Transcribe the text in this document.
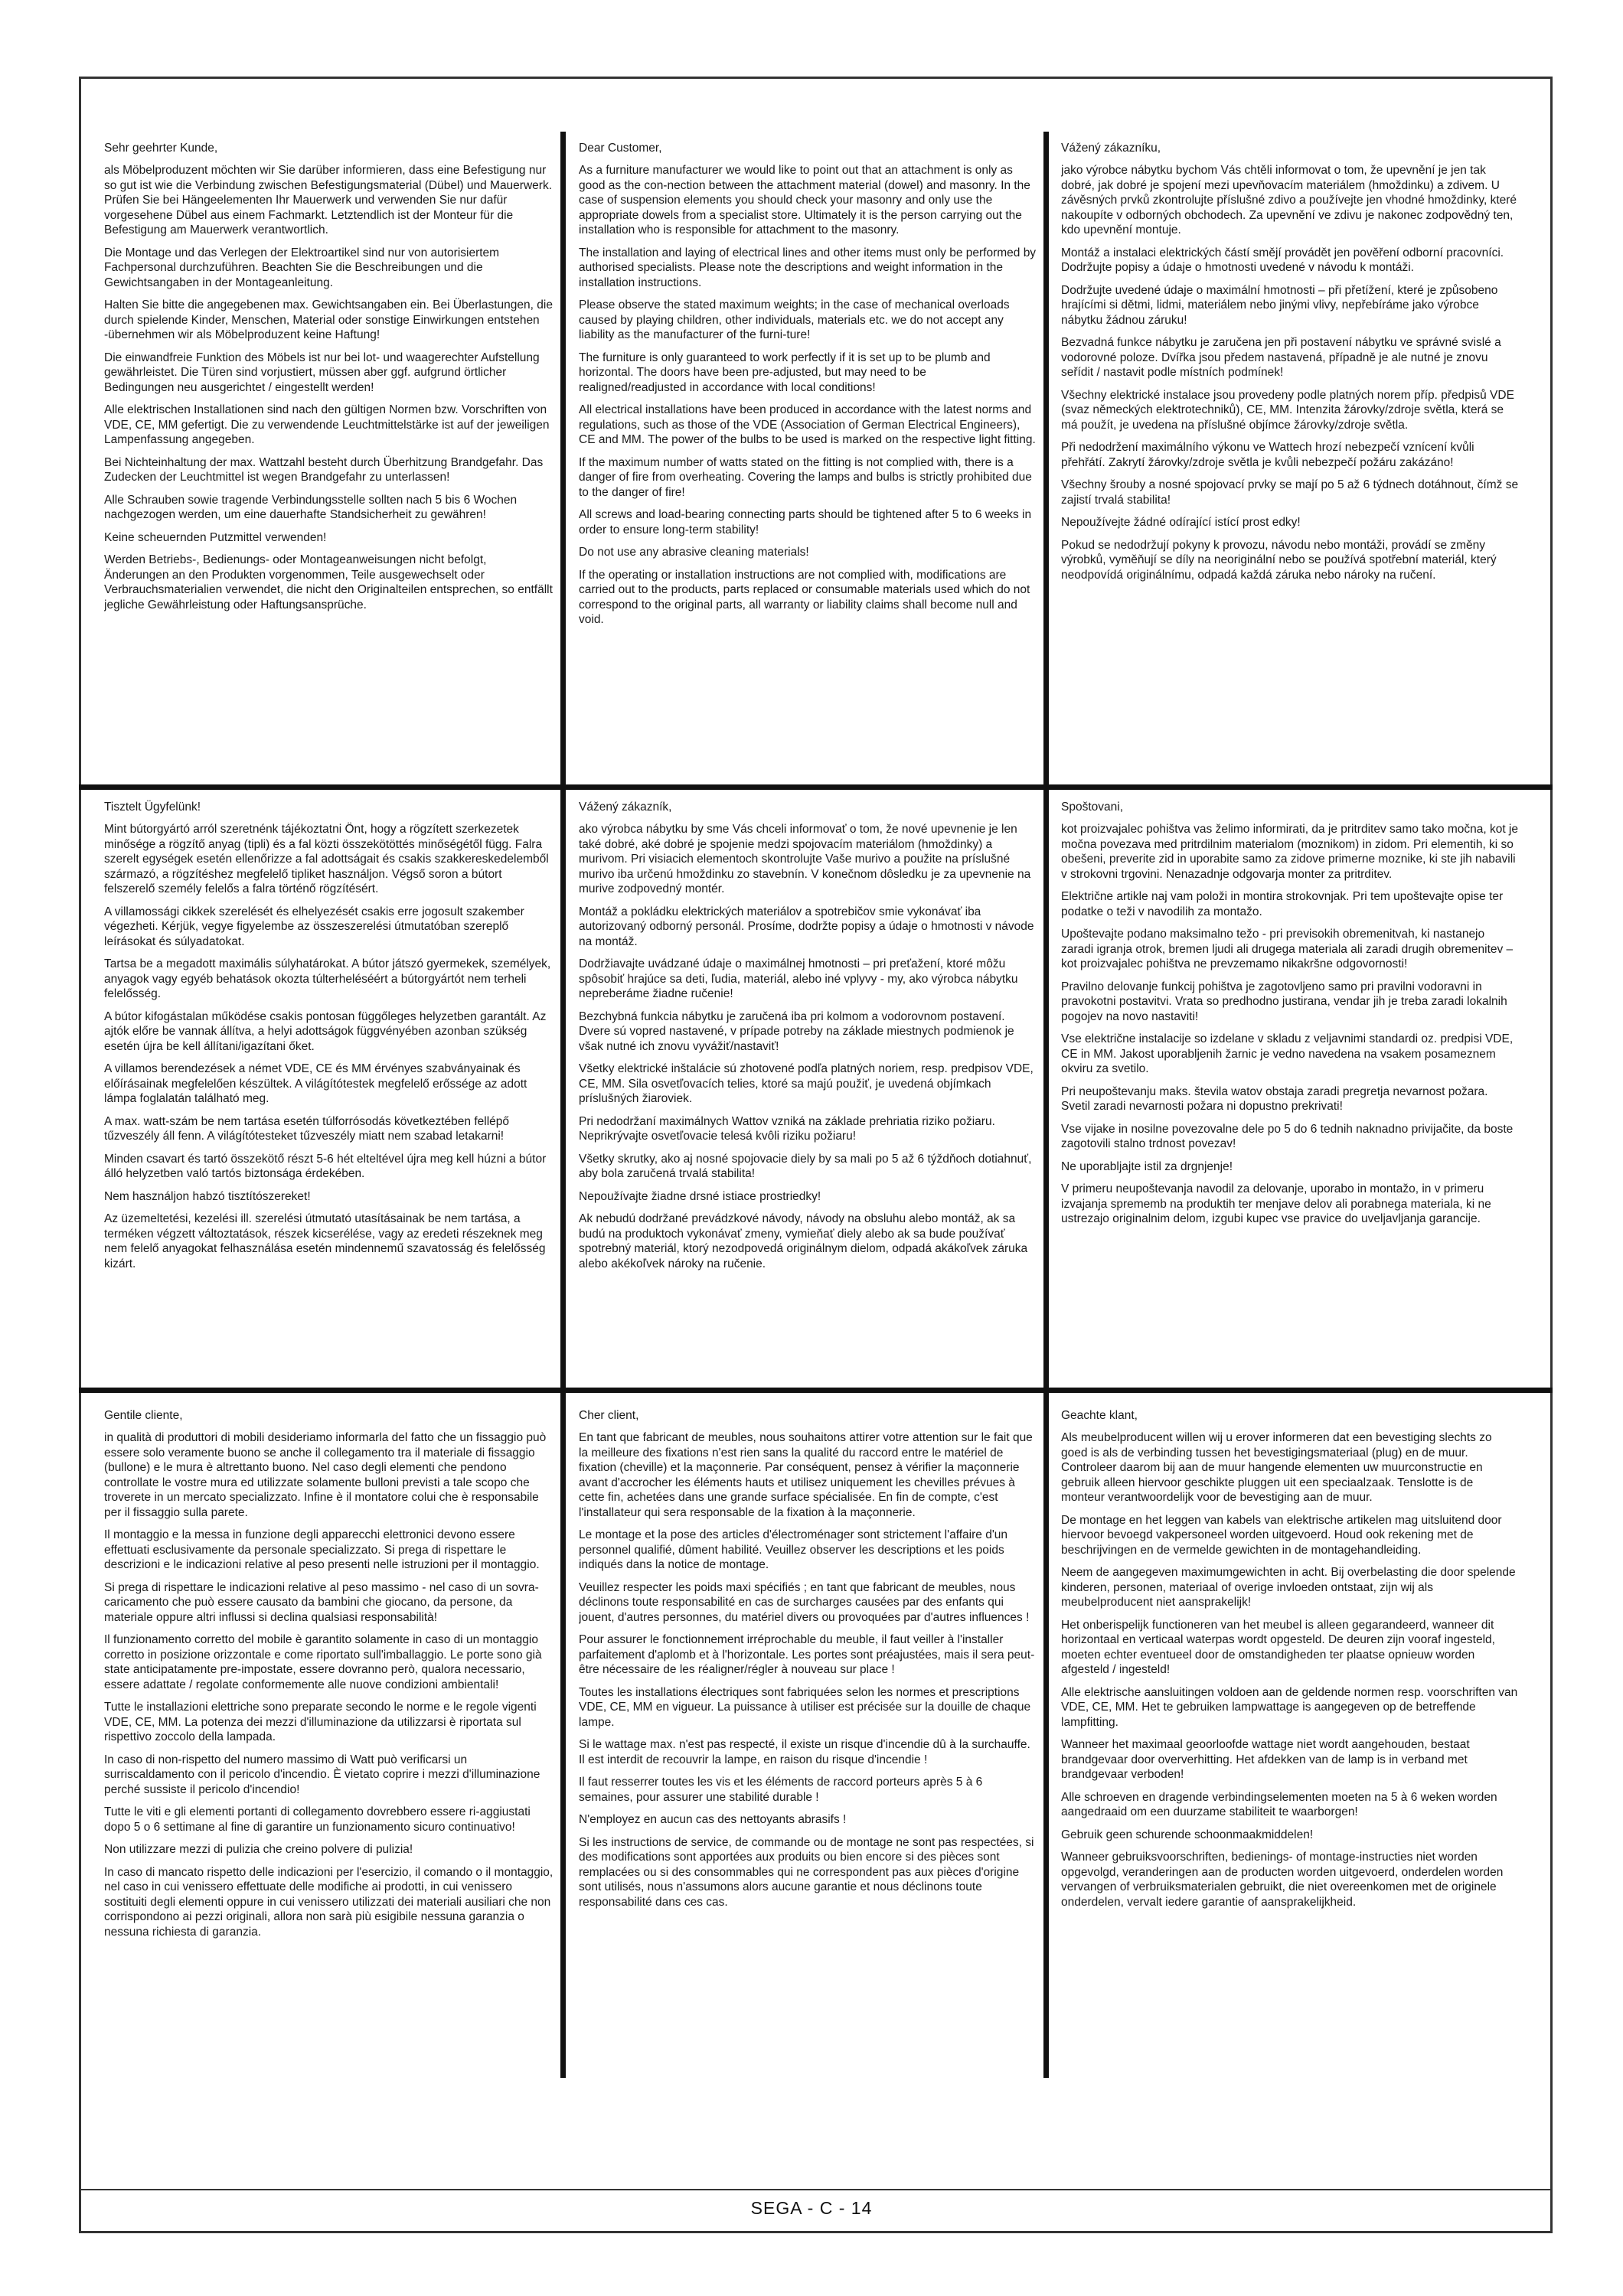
Sehr geehrter Kunde,

als Möbelproduzent möchten wir Sie darüber informieren, dass eine Befestigung nur so gut ist wie die Verbindung zwischen Befestigungsmaterial (Dübel) und Mauerwerk. Prüfen Sie bei Hängeelementen Ihr Mauerwerk und verwenden Sie nur dafür vorgesehene Dübel aus einem Fachmarkt. Letztendlich ist der Monteur für die Befestigung am Mauerwerk verantwortlich.

Die Montage und das Verlegen der Elektroartikel sind nur von autorisiertem Fachpersonal durchzuführen. Beachten Sie die Beschreibungen und die Gewichtsangaben in der Montageanleitung.

Halten Sie bitte die angegebenen max. Gewichtsangaben ein. Bei Überlastungen, die durch spielende Kinder, Menschen, Material oder sonstige Einwirkungen entstehen -übernehmen wir als Möbelproduzent keine Haftung!

Die einwandfreie Funktion des Möbels ist nur bei lot- und waagerechter Aufstellung gewährleistet. Die Türen sind vorjustiert, müssen aber ggf. aufgrund örtlicher Bedingungen neu ausgerichtet / eingestellt werden!

Alle elektrischen Installationen sind nach den gültigen Normen bzw. Vorschriften von VDE, CE, MM gefertigt. Die zu verwendende Leuchtmittelstärke ist auf der jeweiligen Lampenfassung angegeben.

Bei Nichteinhaltung der max. Wattzahl besteht durch Überhitzung Brandgefahr. Das Zudecken der Leuchtmittel ist wegen Brandgefahr zu unterlassen!

Alle Schrauben sowie tragende Verbindungsstelle sollten nach 5 bis 6 Wochen nachgezogen werden, um eine dauerhafte Standsicherheit zu gewähren!

Keine scheuernden Putzmittel verwenden!

Werden Betriebs-, Bedienungs- oder Montageanweisungen nicht befolgt, Änderungen an den Produkten vorgenommen, Teile ausgewechselt oder Verbrauchsmaterialien verwendet, die nicht den Originalteilen entsprechen, so entfällt jegliche Gewährleistung oder Haftungsansprüche.

Dear Customer,

As a furniture manufacturer we would like to point out that an attachment is only as good as the con-nection between the attachment material (dowel) and masonry. In the case of suspension elements you should check your masonry and only use the appropriate dowels from a specialist store. Ultimately it is the person carrying out the installation who is responsible for attachment to the masonry.

The installation and laying of electrical lines and other items must only be performed by authorised specialists. Please note the descriptions and weight information in the installation instructions.

Please observe the stated maximum weights; in the case of mechanical overloads caused by playing children, other individuals, materials etc. we do not accept any liability as the manufacturer of the furni-ture!

The furniture is only guaranteed to work perfectly if it is set up to be plumb and horizontal. The doors have been pre-adjusted, but may need to be realigned/readjusted in accordance with local conditions!

All electrical installations have been produced in accordance with the latest norms and regulations, such as those of the VDE (Association of German Electrical Engineers), CE and MM. The power of the bulbs to be used is marked on the respective light fitting.

If the maximum number of watts stated on the fitting is not complied with, there is a danger of fire from overheating. Covering the lamps and bulbs is strictly prohibited due to the danger of fire!

All screws and load-bearing connecting parts should be tightened after 5 to 6 weeks in order to ensure long-term stability!

Do not use any abrasive cleaning materials!

If the operating or installation instructions are not complied with, modifications are carried out to the products, parts replaced or consumable materials used which do not correspond to the original parts, all warranty or liability claims shall become null and void.

Vážený zákazníku,

jako výrobce nábytku bychom Vás chtěli informovat o tom, že upevnění je jen tak dobré, jak dobré je spojení mezi upevňovacím materiálem (hmoždinku) a zdivem. U závěsných prvků zkontrolujte příslušné zdivo a používejte jen vhodné hmoždinky, které nakoupíte v odborných obchodech. Za upevnění ve zdivu je nakonec zodpovědný ten, kdo upevnění montuje.

Montáž a instalaci elektrických částí smějí provádět jen pověření odborní pracovníci. Dodržujte popisy a údaje o hmotnosti uvedené v návodu k montáži.

Dodržujte uvedené údaje o maximální hmotnosti – při přetížení, které je způsobeno hrajícími si dětmi, lidmi, materiálem nebo jinými vlivy, nepřebíráme jako výrobce nábytku žádnou záruku!

Bezvadná funkce nábytku je zaručena jen při postavení nábytku ve správné svislé a vodorovné poloze. Dvířka jsou předem nastavená, případně je ale nutné je znovu seřídit / nastavit podle místních podmínek!

Všechny elektrické instalace jsou provedeny podle platných norem příp. předpisů VDE (svaz německých elektrotechniků), CE, MM. Intenzita žárovky/zdroje světla, která se má použít, je uvedena na příslušné objímce žárovky/zdroje světla.

Při nedodržení maximálního výkonu ve Wattech hrozí nebezpečí vznícení kvůli přehřátí. Zakrytí žárovky/zdroje světla je kvůli nebezpečí požáru zakázáno!

Všechny šrouby a nosné spojovací prvky se mají po 5 až 6 týdnech dotáhnout, čímž se zajistí trvalá stabilita!

Nepoužívejte žádné odírající istící prost edky!

Pokud se nedodržují pokyny k provozu, návodu nebo montáži, provádí se změny výrobků, vyměňují se díly na neoriginální nebo se používá spotřební materiál, který neodpovídá originálnímu, odpadá každá záruka nebo nároky na ručení.

Tisztelt Ügyfelünk!

Mint bútorgyártó arról szeretnénk tájékoztatni Önt, hogy a rögzített szerkezetek minősége a rögzítő anyag (tipli) és a fal közti összekötöttés minőségétől függ. Falra szerelt egységek esetén ellenőrizze a fal adottságait és csakis szakkereskedelemből származó, a rögzítéshez megfelelő tipliket használjon. Végső soron a bútort felszerelő személy felelős a falra történő rögzítésért.

A villamossági cikkek szerelését és elhelyezését csakis erre jogosult szakember végezheti. Kérjük, vegye figyelembe az összeszerelési útmutatóban szereplő leírásokat és súlyadatokat.

Tartsa be a megadott maximális súlyhatárokat. A bútor játszó gyermekek, személyek, anyagok vagy egyéb behatások okozta túlterheléséért a bútorgyártót nem terheli felelősség.

A bútor kifogástalan működése csakis pontosan függőleges helyzetben garantált. Az ajtók előre be vannak állítva, a helyi adottságok függvényében azonban szükség esetén újra be kell állítani/igazítani őket.

A villamos berendezések a német VDE, CE és MM érvényes szabványainak és előírásainak megfelelően készültek. A világítótestek megfelelő erőssége az adott lámpa foglalatán található meg.

A max. watt-szám be nem tartása esetén túlforrósodás következtében fellépő tűzveszély áll fenn. A világítótesteket tűzveszély miatt nem szabad letakarni!

Minden csavart és tartó összekötő részt 5-6 hét elteltével újra meg kell húzni a bútor álló helyzetben való tartós biztonsága érdekében.

Nem használjon habzó tisztítószereket!

Az üzemeltetési, kezelési ill. szerelési útmutató utasításainak be nem tartása, a terméken végzett változtatások, részek kicserélése, vagy az eredeti részeknek meg nem felelő anyagokat felhasználása esetén mindennemű szavatosság és felelősség kizárt.

Vážený zákazník,

ako výrobca nábytku by sme Vás chceli informovať o tom, že nové upevnenie je len také dobré, aké dobré je spojenie medzi spojovacím materiálom (hmoždinky) a murivom. Pri visiacich elementoch skontrolujte Vaše murivo a použite na príslušné murivo iba určenú hmoždinku zo stavebnín. V konečnom dôsledku je za upevnenie na murive zodpovedný montér.

Montáž a pokládku elektrických materiálov a spotrebičov smie vykonávať iba autorizovaný odborný personál. Prosíme, dodržte popisy a údaje o hmotnosti v návode na montáž.

Dodržiavajte uvádzané údaje o maximálnej hmotnosti – pri preťažení, ktoré môžu spôsobiť hrajúce sa deti, ľudia, materiál, alebo iné vplyvy - my, ako výrobca nábytku nepreberáme žiadne ručenie!

Bezchybná funkcia nábytku je zaručená iba pri kolmom a vodorovnom postavení. Dvere sú vopred nastavené, v prípade potreby na základe miestnych podmienok je však nutné ich znovu vyvážiť/nastaviť!

Všetky elektrické inštalácie sú zhotovené podľa platných noriem, resp. predpisov VDE, CE, MM. Sila osvetľovacích telies, ktoré sa majú použiť, je uvedená objímkach príslušných žiaroviek.

Pri nedodržaní maximálnych Wattov vzniká na základe prehriatia riziko požiaru. Neprikrývajte osvetľovacie telesá kvôli riziku požiaru!

Všetky skrutky, ako aj nosné spojovacie diely by sa mali po 5 až 6 týždňoch dotiahnuť, aby bola zaručená trvalá stabilita!

Nepoužívajte žiadne drsné istiace prostriedky!

Ak nebudú dodržané prevádzkové návody, návody na obsluhu alebo montáž, ak sa budú na produktoch vykonávať zmeny, vymieňať diely alebo ak sa bude používať spotrebný materiál, ktorý nezodpovedá originálnym dielom, odpadá akákoľvek záruka alebo akékoľvek nároky na ručenie.

Spoštovani,

kot proizvajalec pohištva vas želimo informirati, da je pritrditev samo tako močna, kot je močna povezava med pritrdilnim materialom (moznikom) in zidom. Pri elementih, ki so obešeni, preverite zid in uporabite samo za zidove primerne moznike, ki ste jih nabavili v strokovni trgovini. Nenazadnje odgovarja monter za pritrditev.

Električne artikle naj vam položi in montira strokovnjak. Pri tem upoštevajte opise ter podatke o teži v navodilih za montažo.

Upoštevajte podano maksimalno težo - pri previsokih obremenitvah, ki nastanejo zaradi igranja otrok, bremen ljudi ali drugega materiala ali zaradi drugih obremenitev – kot proizvajalec pohištva ne prevzemamo nikakršne odgovornosti!

Pravilno delovanje funkcij pohištva je zagotovljeno samo pri pravilni vodoravni in pravokotni postavitvi. Vrata so predhodno justirana, vendar jih je treba zaradi lokalnih pogojev na novo nastaviti!

Vse električne instalacije so izdelane v skladu z veljavnimi standardi oz. predpisi VDE, CE in MM. Jakost uporabljenih žarnic je vedno navedena na vsakem posameznem okviru za svetilo.

Pri neupoštevanju maks. števila watov obstaja zaradi pregretja nevarnost požara. Svetil zaradi nevarnosti požara ni dopustno prekrivati!

Vse vijake in nosilne povezovalne dele po 5 do 6 tednih naknadno privijačite, da boste zagotovili stalno trdnost povezav!

Ne uporabljajte istil za drgnjenje!

V primeru neupoštevanja navodil za delovanje, uporabo in montažo, in v primeru izvajanja sprememb na produktih ter menjave delov ali porabnega materiala, ki ne ustrezajo originalnim delom, izgubi kupec vse pravice do uveljavljanja garancije.

Gentile cliente,

in qualità di produttori di mobili desideriamo informarla del fatto che un fissaggio può essere solo veramente buono se anche il collegamento tra il materiale di fissaggio (bullone) e le mura è altrettanto buono. Nel caso degli elementi che pendono controllate le vostre mura ed utilizzate solamente bulloni previsti a tale scopo che troverete in un mercato specializzato. Infine è il montatore colui che è responsabile per il fissaggio sulla parete.

Il montaggio e la messa in funzione degli apparecchi elettronici devono essere effettuati esclusivamente da personale specializzato. Si prega di rispettare le descrizioni e le indicazioni relative al peso presenti nelle istruzioni per il montaggio.

Si prega di rispettare le indicazioni relative al peso massimo - nel caso di un sovra-caricamento che può essere causato da bambini che giocano, da persone, da materiale oppure altri influssi si declina qualsiasi responsabilità!

Il funzionamento corretto del mobile è garantito solamente in caso di un montaggio corretto in posizione orizzontale e come riportato sull'imballaggio. Le porte sono già state anticipatamente pre-impostate, essere dovranno però, qualora necessario, essere adattate / regolate conformemente alle nuove condizioni ambientali!

Tutte le installazioni elettriche sono preparate secondo le norme e le regole vigenti VDE, CE, MM. La potenza dei mezzi d'illuminazione da utilizzarsi è riportata sul rispettivo zoccolo della lampada.

In caso di non-rispetto del numero massimo di Watt può verificarsi un surriscaldamento con il pericolo d'incendio. È vietato coprire i mezzi d'illuminazione perché sussiste il pericolo d'incendio!

Tutte le viti e gli elementi portanti di collegamento dovrebbero essere ri-aggiustati dopo 5 o 6 settimane al fine di garantire un funzionamento sicuro continuativo!

Non utilizzare mezzi di pulizia che creino polvere di pulizia!

In caso di mancato rispetto delle indicazioni per l'esercizio, il comando o il montaggio, nel caso in cui venissero effettuate delle modifiche ai prodotti, in cui venissero sostituiti degli elementi oppure in cui venissero utilizzati dei materiali ausiliari che non corrispondono ai pezzi originali, allora non sarà più esigibile nessuna garanzia o nessuna richiesta di garanzia.

Cher client,

En tant que fabricant de meubles, nous souhaitons attirer votre attention sur le fait que la meilleure des fixations n'est rien sans la qualité du raccord entre le matériel de fixation (cheville) et la maçonnerie. Par conséquent, pensez à vérifier la maçonnerie avant d'accrocher les éléments hauts et utilisez uniquement les chevilles prévues à cette fin, achetées dans une grande surface spécialisée. En fin de compte, c'est l'installateur qui sera responsable de la fixation à la maçonnerie.

Le montage et la pose des articles d'électroménager sont strictement l'affaire d'un personnel qualifié, dûment habilité. Veuillez observer les descriptions et les poids indiqués dans la notice de montage.

Veuillez respecter les poids maxi spécifiés ; en tant que fabricant de meubles, nous déclinons toute responsabilité en cas de surcharges causées par des enfants qui jouent, d'autres personnes, du matériel divers ou provoquées par d'autres influences !

Pour assurer le fonctionnement irréprochable du meuble, il faut veiller à l'installer parfaitement d'aplomb et à l'horizontale. Les portes sont préajustées, mais il sera peut-être nécessaire de les réaligner/régler à nouveau sur place !

Toutes les installations électriques sont fabriquées selon les normes et prescriptions VDE, CE, MM en vigueur. La puissance à utiliser est précisée sur la douille de chaque lampe.

Si le wattage max. n'est pas respecté, il existe un risque d'incendie dû à la surchauffe. Il est interdit de recouvrir la lampe, en raison du risque d'incendie !

Il faut resserrer toutes les vis et les éléments de raccord porteurs après 5 à 6 semaines, pour assurer une stabilité durable !

N'employez en aucun cas des nettoyants abrasifs !

Si les instructions de service, de commande ou de montage ne sont pas respectées, si des modifications sont apportées aux produits ou bien encore si des pièces sont remplacées ou si des consommables qui ne correspondent pas aux pièces d'origine sont utilisés, nous n'assumons alors aucune garantie et nous déclinons toute responsabilité dans ces cas.

Geachte klant,

Als meubelproducent willen wij u erover informeren dat een bevestiging slechts zo goed is als de verbinding tussen het bevestigingsmateriaal (plug) en de muur. Controleer daarom bij aan de muur hangende elementen uw muurconstructie en gebruik alleen hiervoor geschikte pluggen uit een speciaalzaak. Tenslotte is de monteur verantwoordelijk voor de bevestiging aan de muur.

De montage en het leggen van kabels van elektrische artikelen mag uitsluitend door hiervoor bevoegd vakpersoneel worden uitgevoerd. Houd ook rekening met de beschrijvingen en de vermelde gewichten in de montagehandleiding.

Neem de aangegeven maximumgewichten in acht. Bij overbelasting die door spelende kinderen, personen, materiaal of overige invloeden ontstaat, zijn wij als meubelproducent niet aansprakelijk!

Het onberispelijk functioneren van het meubel is alleen gegarandeerd, wanneer dit horizontaal en verticaal waterpas wordt opgesteld. De deuren zijn vooraf ingesteld, moeten echter eventueel door de omstandigheden ter plaatse opnieuw worden afgesteld / ingesteld!

Alle elektrische aansluitingen voldoen aan de geldende normen resp. voorschriften van VDE, CE, MM. Het te gebruiken lampwattage is aangegeven op de betreffende lampfitting.

Wanneer het maximaal geoorloofde wattage niet wordt aangehouden, bestaat brandgevaar door oververhitting. Het afdekken van de lamp is in verband met brandgevaar verboden!

Alle schroeven en dragende verbindingselementen moeten na 5 à 6 weken worden aangedraaid om een duurzame stabiliteit te waarborgen!

Gebruik geen schurende schoonmaakmiddelen!

Wanneer gebruiksvoorschriften, bedienings- of montage-instructies niet worden opgevolgd, veranderingen aan de producten worden uitgevoerd, onderdelen worden vervangen of verbruiksmaterialen gebruikt, die niet overeenkomen met de originele onderdelen, vervalt iedere garantie of aansprakelijkheid.

SEGA - C - 14
